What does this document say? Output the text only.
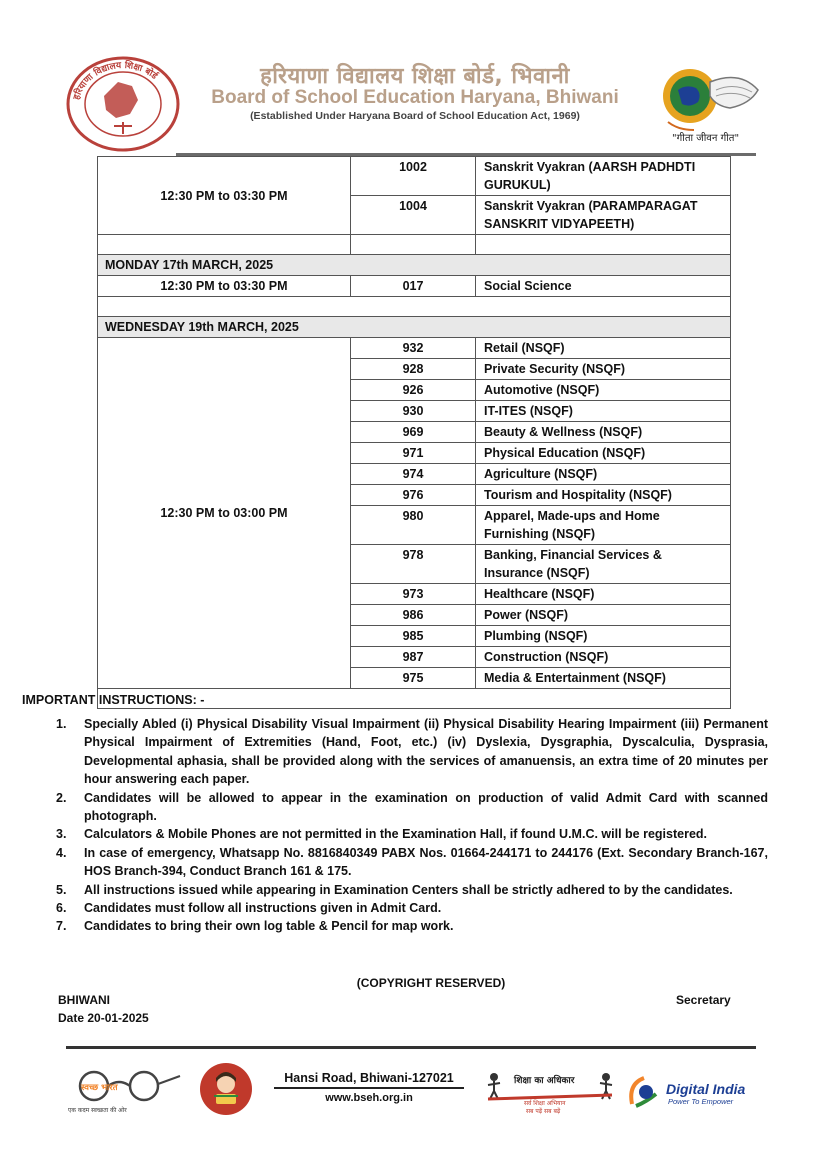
हरियाणा विद्यालय शिक्षा बोर्ड	हरियाणा विद्यालय शिक्षा बोर्ड, भिवानी
Board of School Education Haryana, Bhiwani
(Established Under Haryana Board of School Education Act, 1969)
"गीता जीवन गीत"
12:30 PM to 03:30 PM	1002	Sanskrit Vyakran (AARSH PADHDTI GURUKUL)
	1004	Sanskrit Vyakran (PARAMPARAGAT SANSKRIT VIDYAPEETH)

MONDAY 17th MARCH, 2025		
12:30 PM to 03:30 PM	017	Social Science

WEDNESDAY 19th MARCH, 2025		
12:30 PM to 03:00 PM	932	Retail (NSQF)
	928	Private Security (NSQF)
	926	Automotive (NSQF)
	930	IT-ITES (NSQF)
	969	Beauty & Wellness (NSQF)
	971	Physical Education (NSQF)
	974	Agriculture (NSQF)
	976	Tourism and Hospitality (NSQF)
	980	Apparel, Made-ups and Home Furnishing (NSQF)
	978	Banking, Financial Services & Insurance (NSQF)
	973	Healthcare (NSQF)
	986	Power (NSQF)
	985	Plumbing (NSQF)
	987	Construction (NSQF)
	975	Media & Entertainment (NSQF)

IMPORTANT INSTRUCTIONS: -
1.	Specially Abled (i) Physical Disability Visual Impairment (ii) Physical Disability Hearing Impairment (iii) Permanent Physical Impairment of Extremities (Hand, Foot, etc.) (iv) Dyslexia, Dysgraphia, Dyscalculia, Dysprasia, Developmental aphasia, shall be provided along with the services of amanuensis, an extra time of 20 minutes per hour answering each paper.
2.	Candidates will be allowed to appear in the examination on production of valid Admit Card with scanned photograph.
3.	Calculators & Mobile Phones are not permitted in the Examination Hall, if found U.M.C. will be registered.
4.	In case of emergency, Whatsapp No. 8816840349 PABX Nos. 01664-244171 to 244176 (Ext. Secondary Branch-167, HOS Branch-394, Conduct Branch 161 & 175.
5.	All instructions issued while appearing in Examination Centers shall be strictly adhered to by the candidates.
6.	Candidates must follow all instructions given in Admit Card.
7.	Candidates to bring their own log table & Pencil for map work.
(COPYRIGHT RESERVED)
BHIWANI
Date 20-01-2025
Secretary
स्वच्छ भारत
एक कदम स्वच्छता की ओर
Hansi Road, Bhiwani-127021
www.bseh.org.in
शिक्षा का अधिकार
सर्व शिक्षा अभियान
सब पढ़ें सब बढ़ें
Digital India
Power To Empower
